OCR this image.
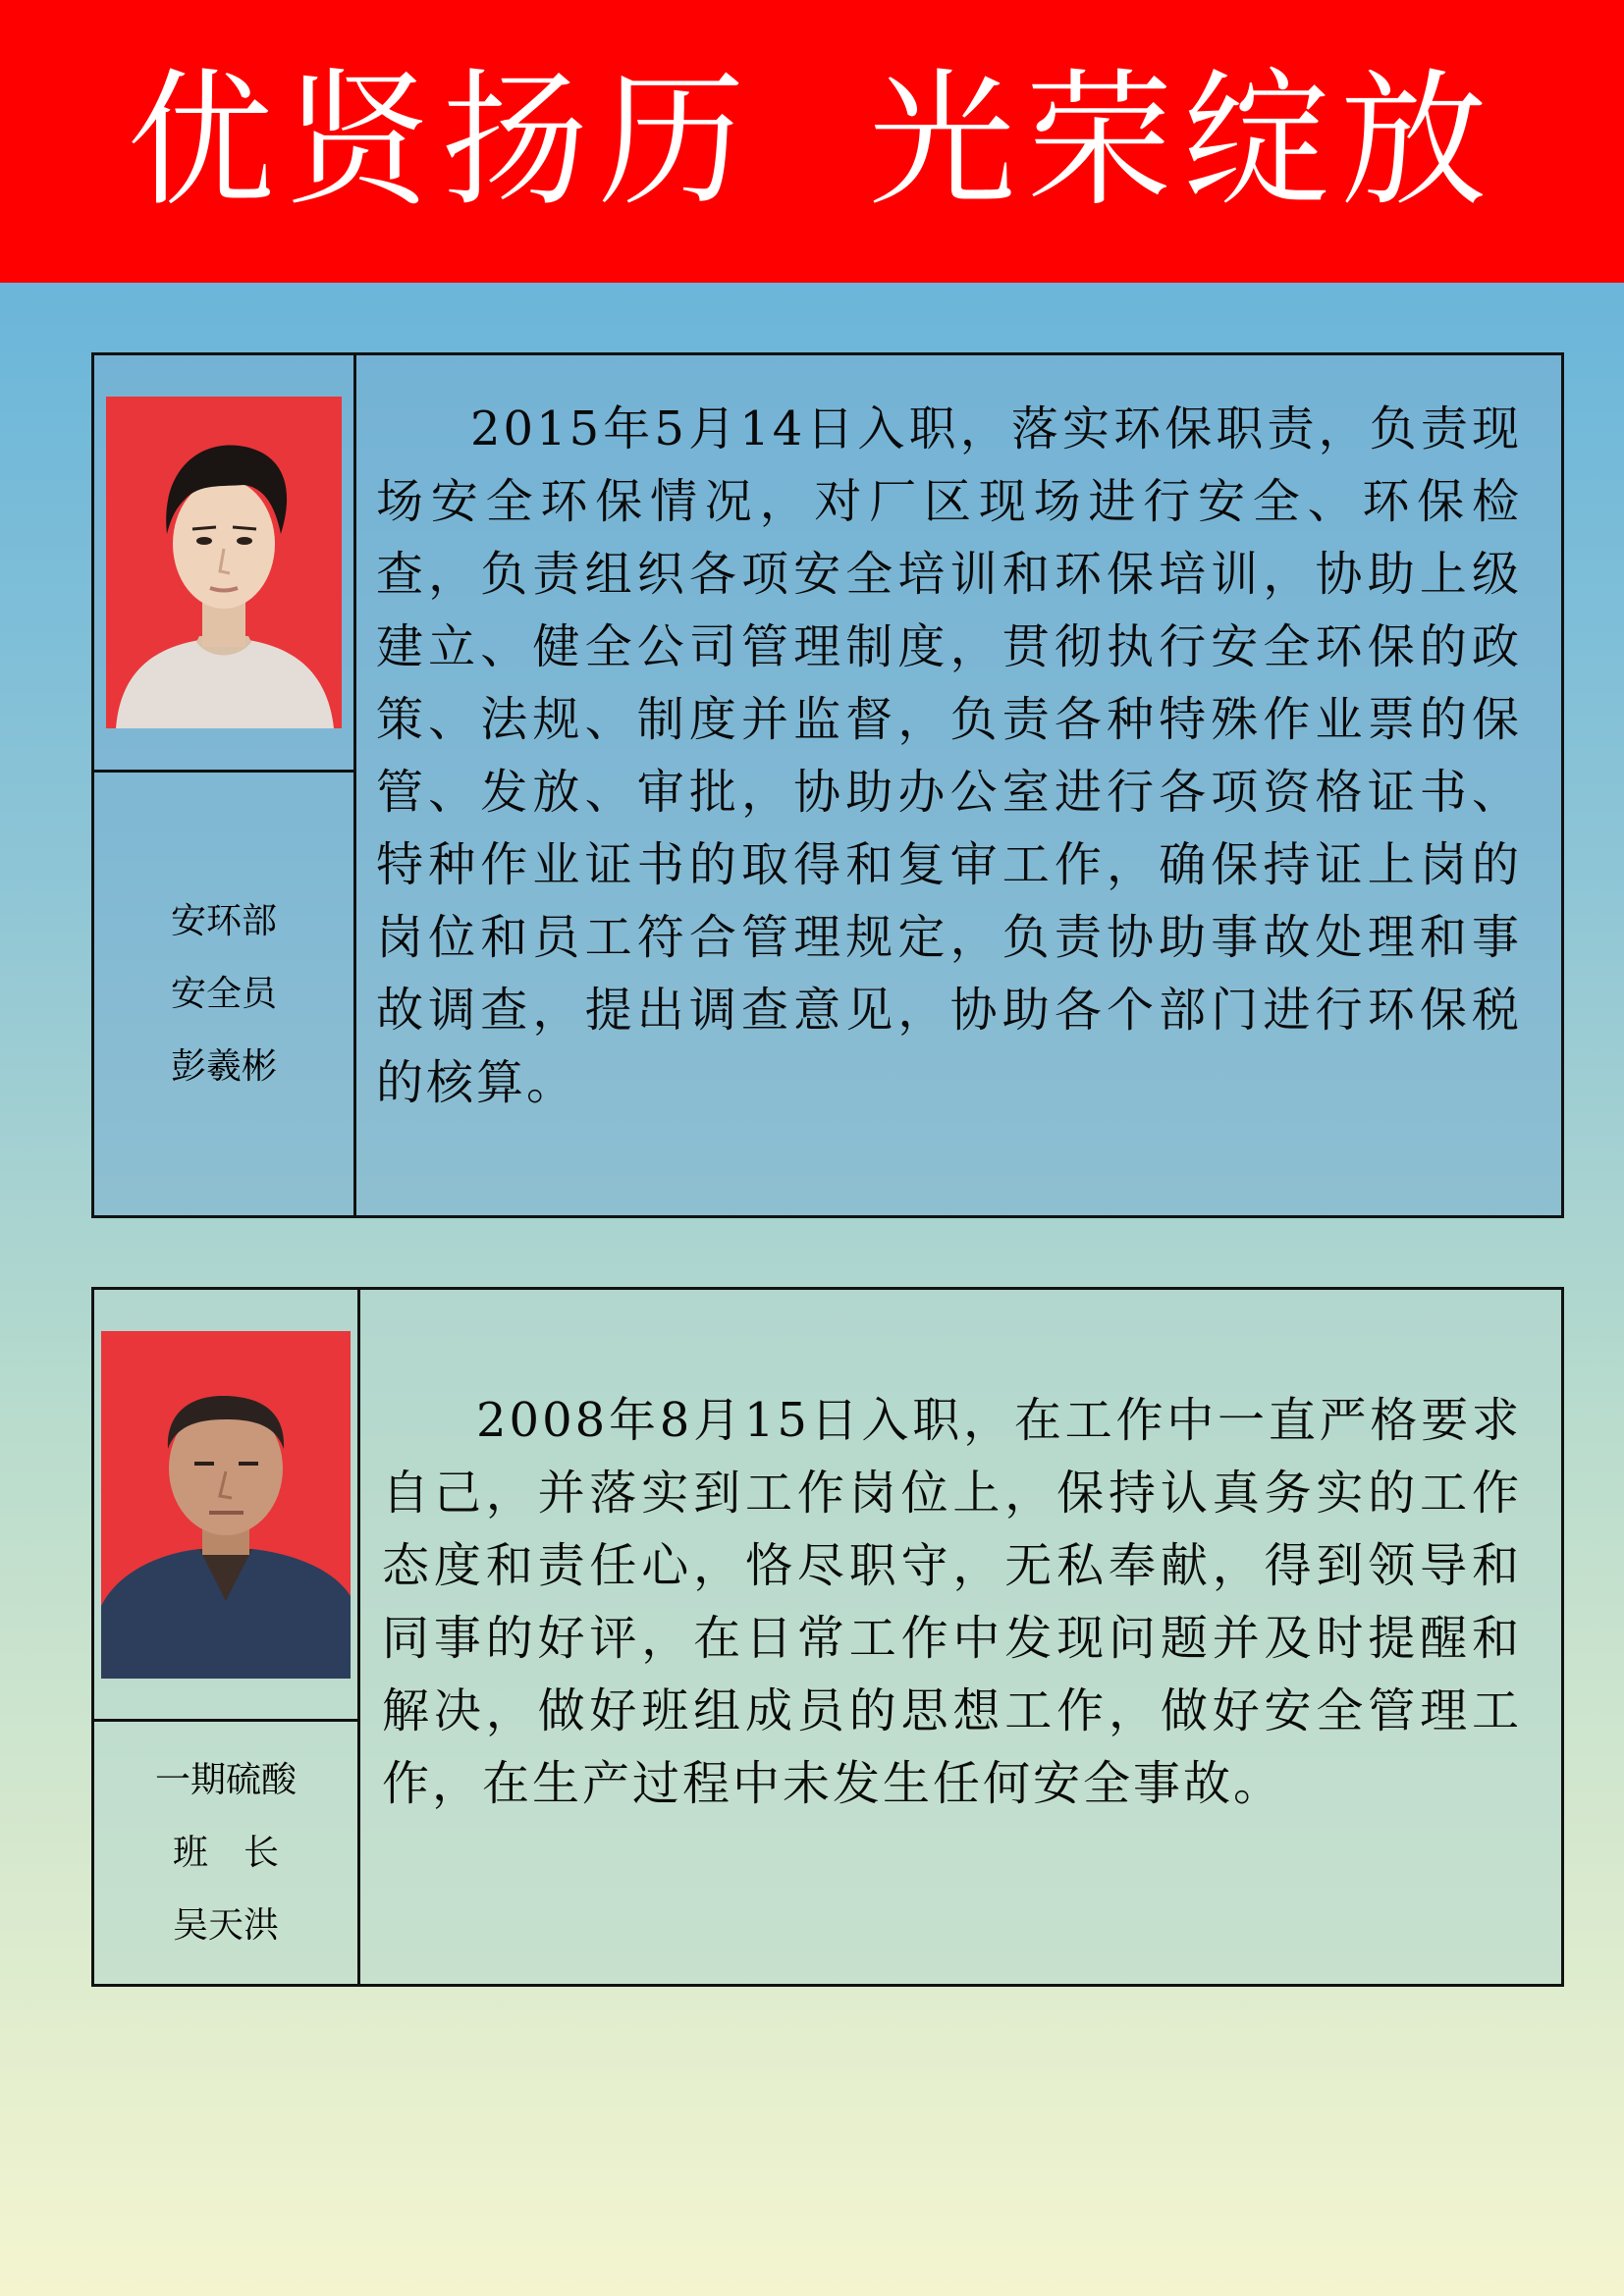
优贤扬历  光荣绽放
安环部
安全员
彭羲彬

2015年5月14日入职，落实环保职责，负责现场安全环保情况，对厂区现场进行安全、环保检查，负责组织各项安全培训和环保培训，协助上级建立、健全公司管理制度，贯彻执行安全环保的政策、法规、制度并监督，负责各种特殊作业票的保管、发放、审批，协助办公室进行各项资格证书、特种作业证书的取得和复审工作，确保持证上岗的岗位和员工符合管理规定，负责协助事故处理和事故调查，提出调查意见，协助各个部门进行环保税的核算。

一期硫酸
班　长
吴天洪

2008年8月15日入职，在工作中一直严格要求自己，并落实到工作岗位上，保持认真务实的工作态度和责任心，恪尽职守，无私奉献，得到领导和同事的好评，在日常工作中发现问题并及时提醒和解决，做好班组成员的思想工作，做好安全管理工作，在生产过程中未发生任何安全事故。
